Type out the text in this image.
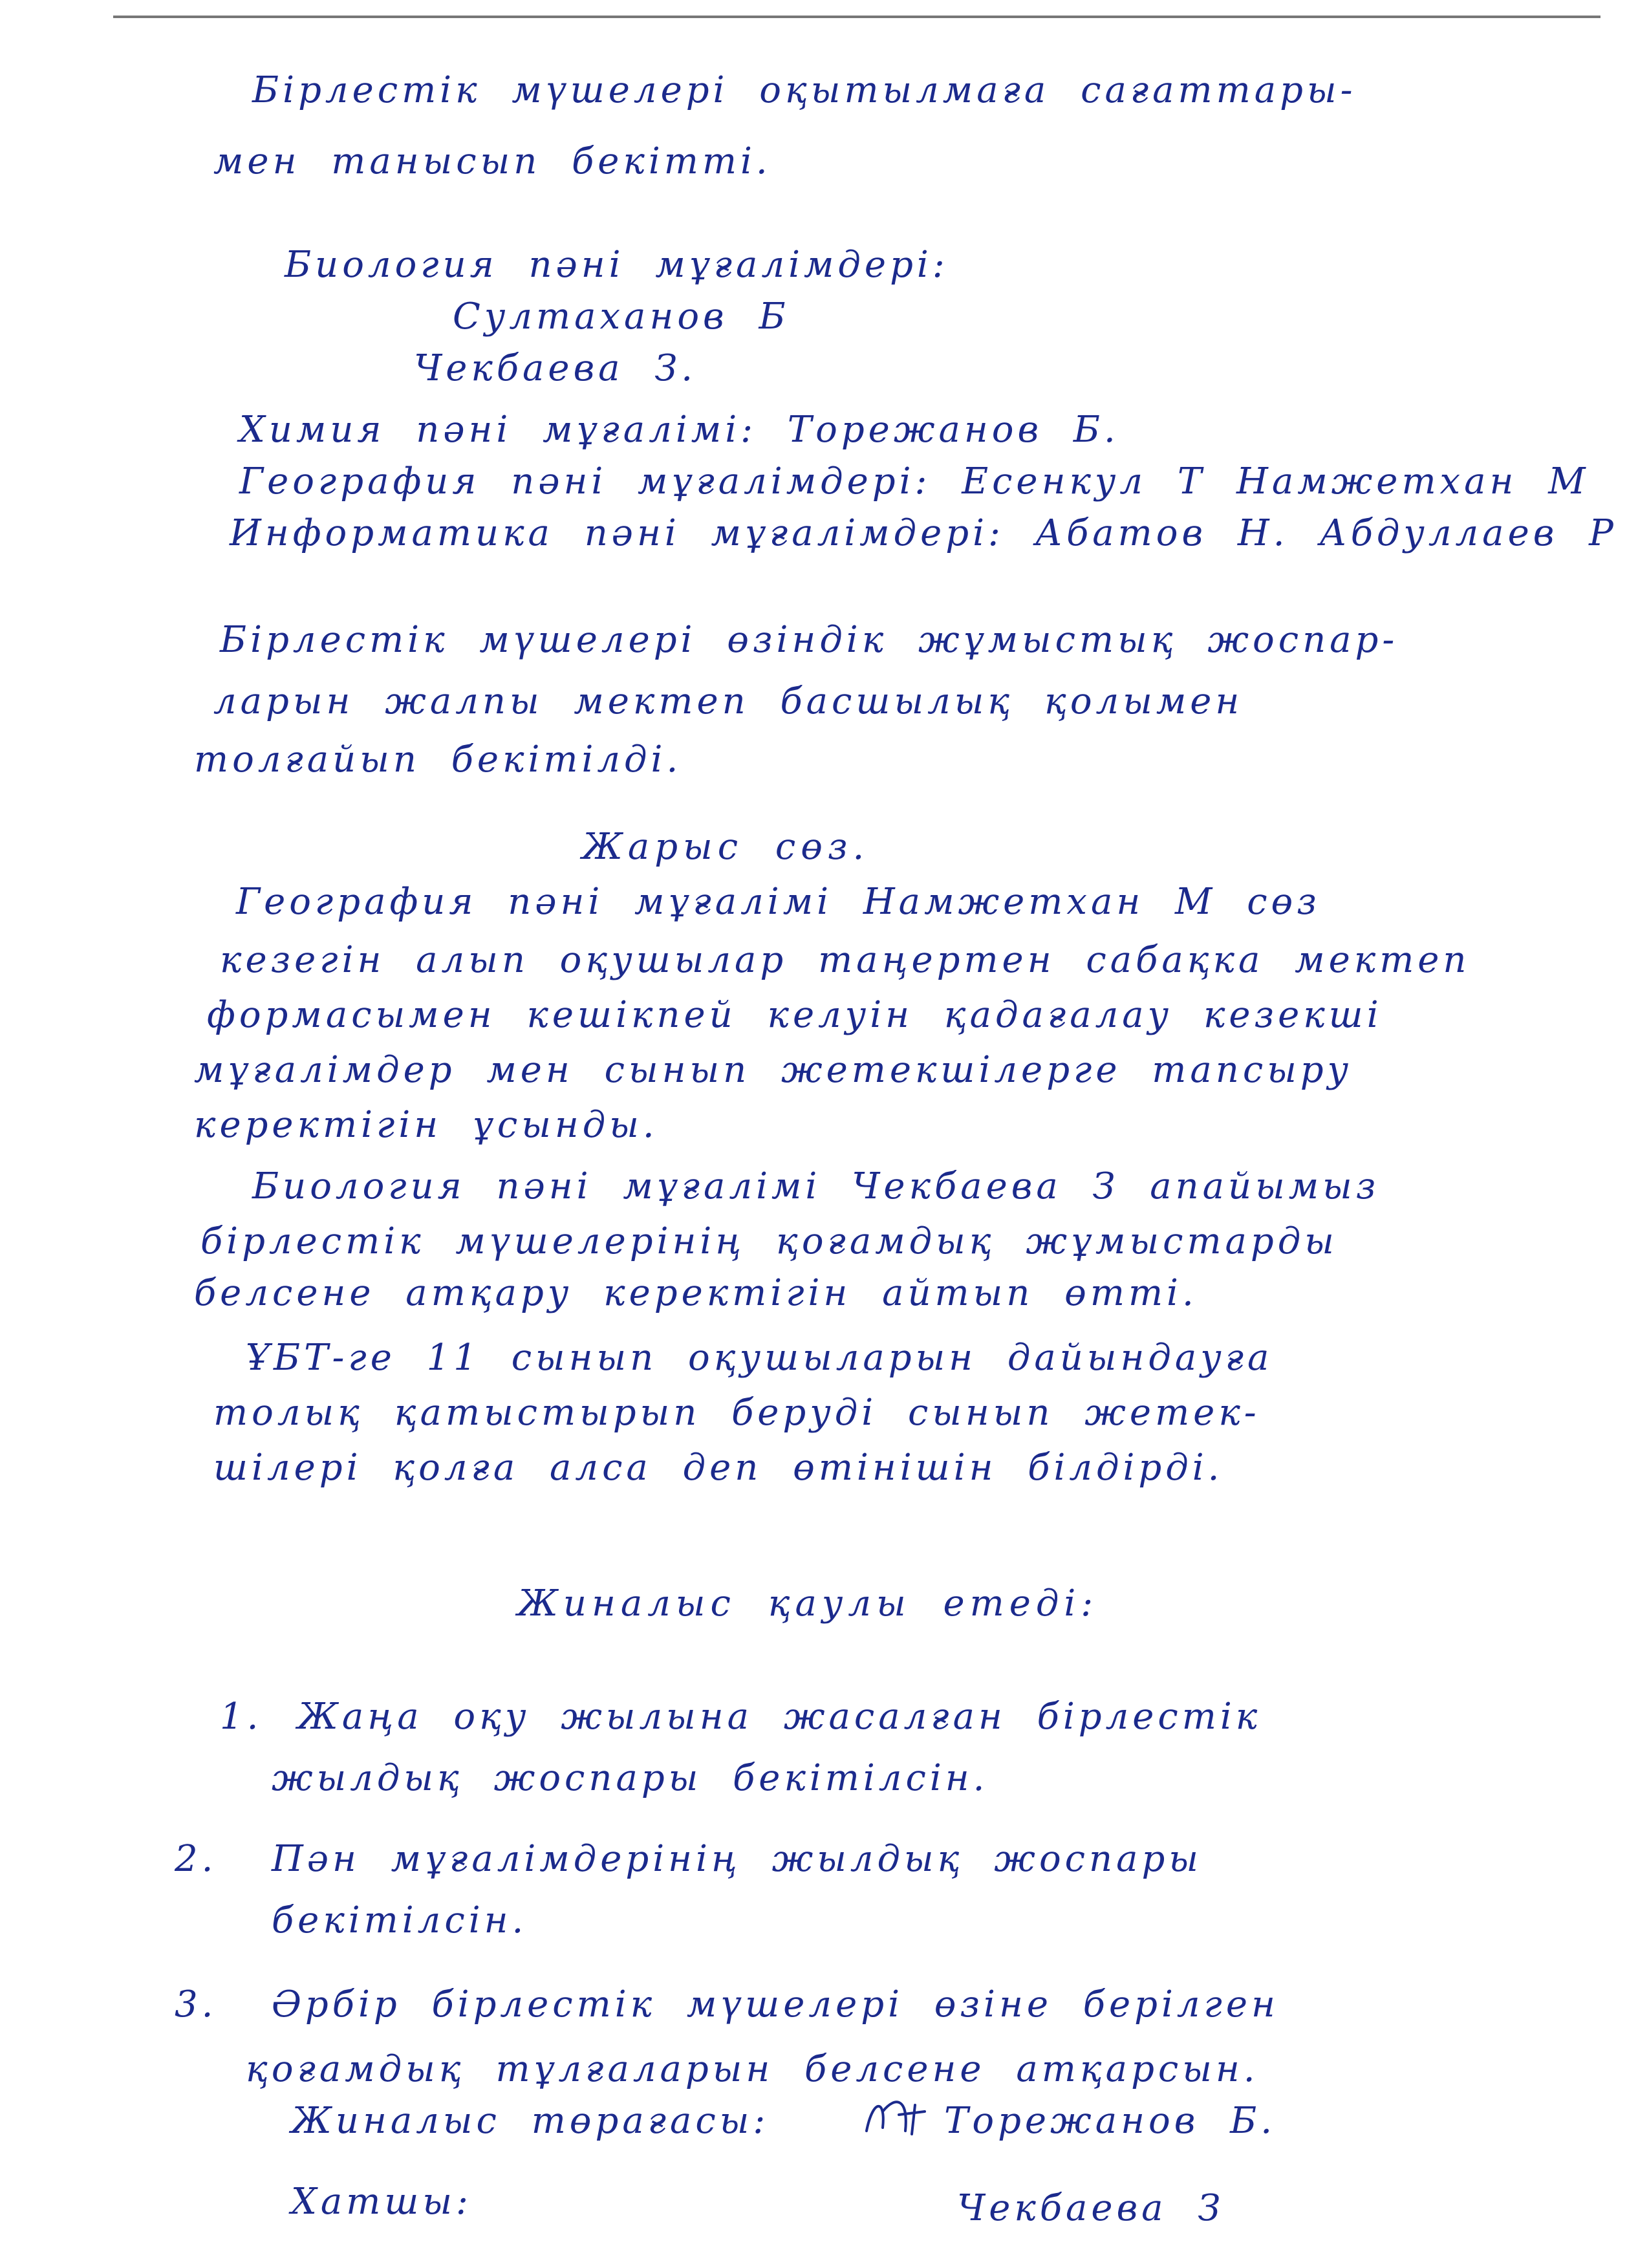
Бірлестік мүшелері оқытылмаға сағаттары-
мен танысып бекітті.
Биология пәні мұғалімдері:
Султаханов Б
Чекбаева З.
Химия пәні мұғалімі: Торежанов Б.
География пәні мұғалімдері: Есенкул Т Намжетхан М
Информатика пәні мұғалімдері: Абатов Н. Абдуллаев Р
Бірлестік мүшелері өзіндік жұмыстық жоспар-
ларын жалпы мектеп басшылық қолымен
толғайып бекітілді.
Жарыс сөз.
География пәні мұғалімі Намжетхан М сөз
кезегін алып оқушылар таңертен сабақка мектеп
формасымен кешікпей келуін қадағалау кезекші
мұғалімдер мен сынып жетекшілерге тапсыру
керектігін ұсынды.
Биология пәні мұғалімі Чекбаева З апайымыз
бірлестік мүшелерінің қоғамдық жұмыстарды
белсене атқару керектігін айтып өтті.
ҰБТ-ге 11 сынып оқушыларын дайындауға
толық қатыстырып беруді сынып жетек-
шілері қолға алса деп өтінішін білдірді.
Жиналыс қаулы етеді:
1. Жаңа оқу жылына жасалған бірлестік
жылдық жоспары бекітілсін.
2. Пән мұғалімдерінің жылдық жоспары
бекітілсін.
3. Әрбір бірлестік мүшелері өзіне берілген
қоғамдық тұлғаларын белсене атқарсын.
Жиналыс төрағасы:	Торежанов Б.
Хатшы:	Чекбаева З
